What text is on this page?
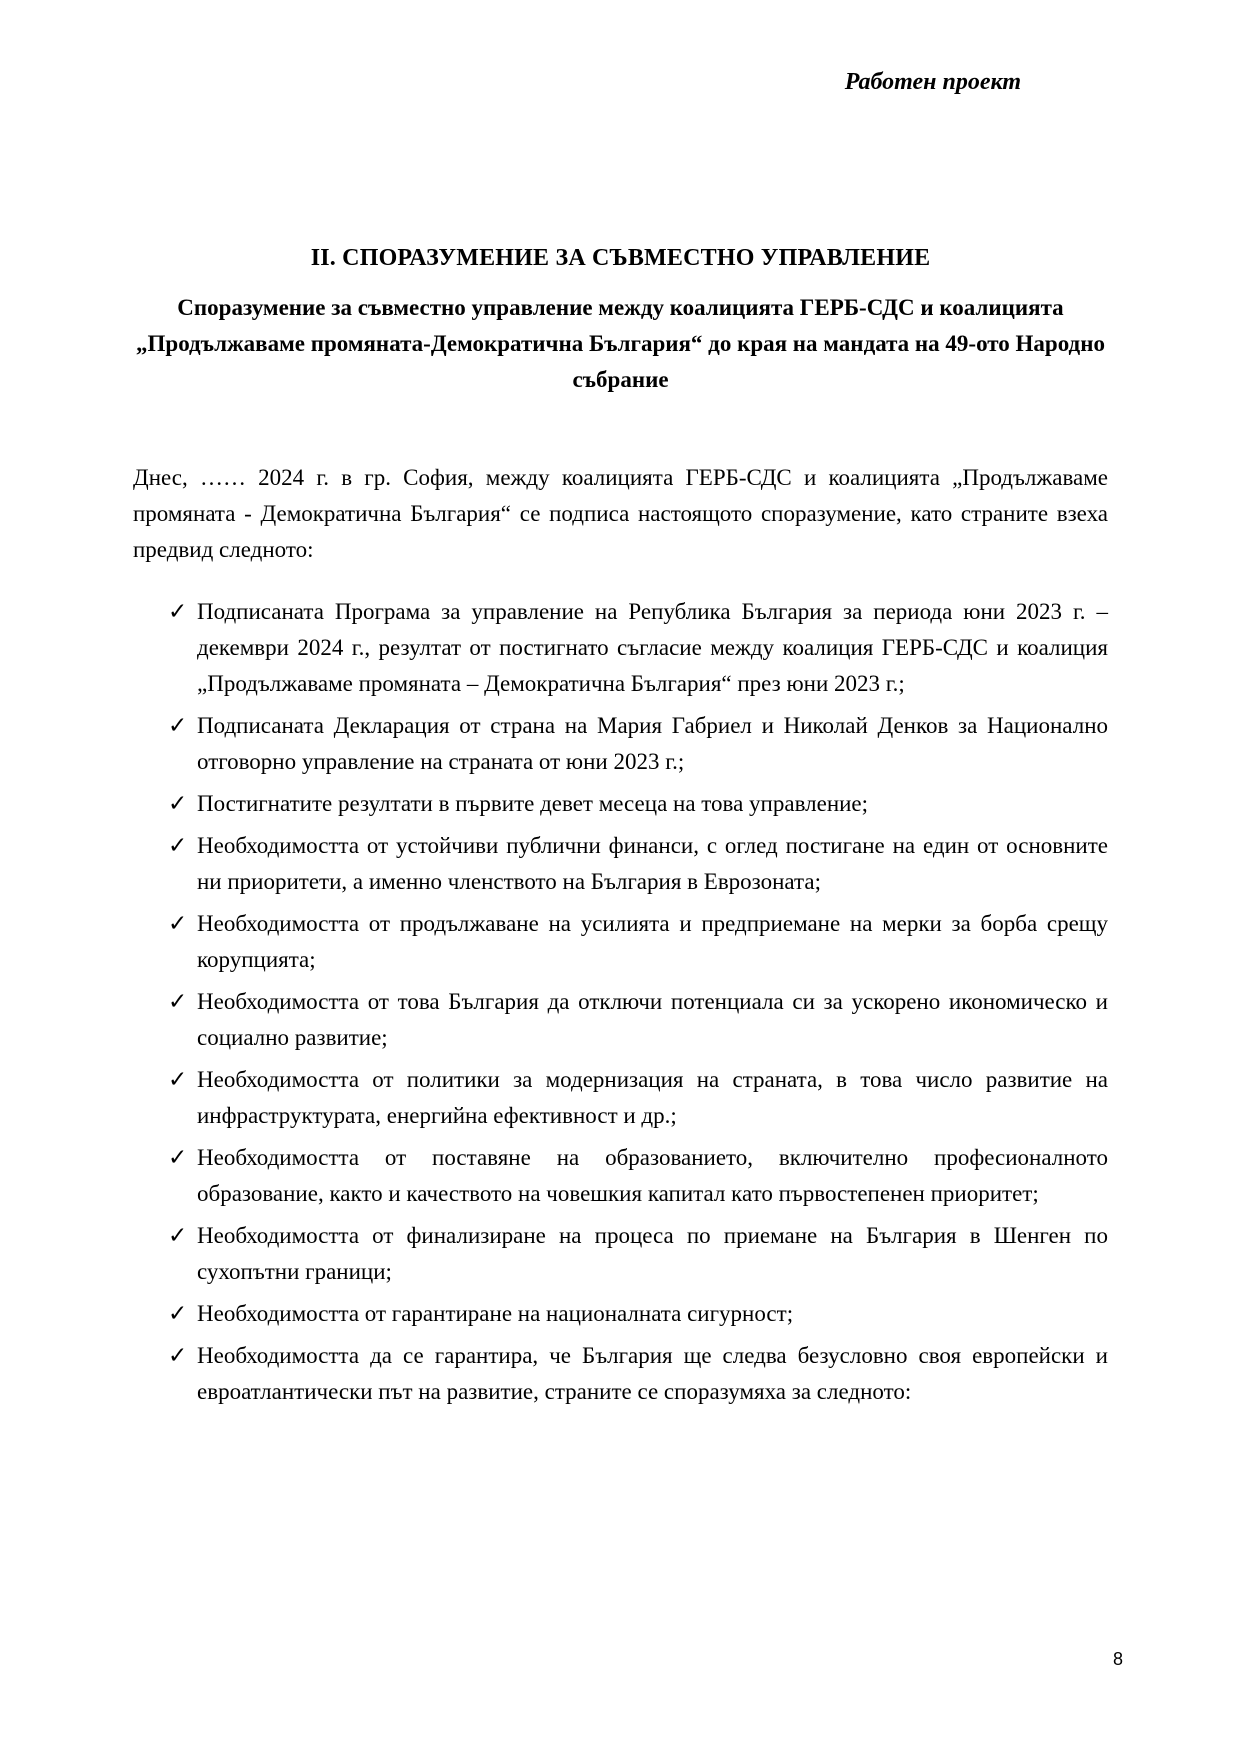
Работен проект
II. СПОРАЗУМЕНИЕ ЗА СЪВМЕСТНО УПРАВЛЕНИЕ
Споразумение за съвместно управление между коалицията ГЕРБ-СДС и коалицията „Продължаваме промяната-Демократична България“ до края на мандата на 49-ото Народно събрание

Днес, …… 2024 г. в гр. София, между коалицията ГЕРБ-СДС и коалицията „Продължаваме промяната - Демократична България“ се подписа настоящото споразумение, като страните взеха предвид следното:

✓ Подписаната Програма за управление на Република България за периода юни 2023 г. – декември 2024 г., резултат от постигнато съгласие между коалиция ГЕРБ-СДС и коалиция „Продължаваме промяната – Демократична България“ през юни 2023 г.;
✓ Подписаната Декларация от страна на Мария Габриел и Николай Денков за Национално отговорно управление на страната от юни 2023 г.;
✓ Постигнатите резултати в първите девет месеца на това управление;
✓ Необходимостта от устойчиви публични финанси, с оглед постигане на един от основните ни приоритети, а именно членството на България в Еврозоната;
✓ Необходимостта от продължаване на усилията и предприемане на мерки за борба срещу корупцията;
✓ Необходимостта от това България да отключи потенциала си за ускорено икономическо и социално развитие;
✓ Необходимостта от политики за модернизация на страната, в това число развитие на инфраструктурата, енергийна ефективност и др.;
✓ Необходимостта от поставяне на образованието, включително професионалното образование, както и качеството на човешкия капитал като първостепенен приоритет;
✓ Необходимостта от финализиране на процеса по приемане на България в Шенген по сухопътни граници;
✓ Необходимостта от гарантиране на националната сигурност;
✓ Необходимостта да се гарантира, че България ще следва безусловно своя европейски и евроатлантически път на развитие, страните се споразумяха за следното:
8
